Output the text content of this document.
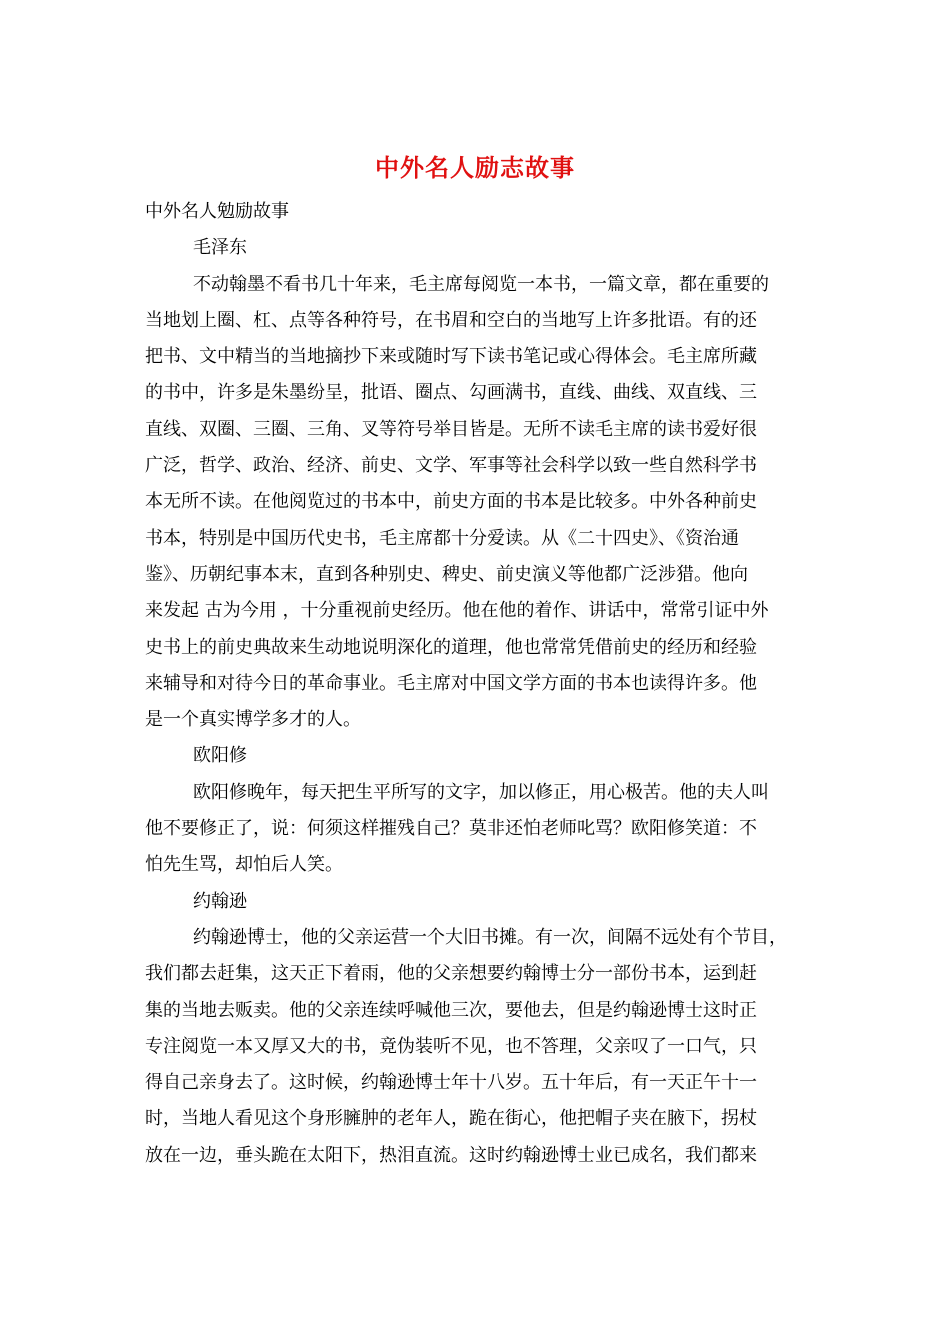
中外名人励志故事

中外名人勉励故事

毛泽东

不动翰墨不看书几十年来，毛主席每阅览一本书，一篇文章，都在重要的

当地划上圈、杠、点等各种符号，在书眉和空白的当地写上许多批语。有的还

把书、文中精当的当地摘抄下来或随时写下读书笔记或心得体会。毛主席所藏

的书中，许多是朱墨纷呈，批语、圈点、勾画满书，直线、曲线、双直线、三

直线、双圈、三圈、三角、叉等符号举目皆是。无所不读毛主席的读书爱好很

广泛，哲学、政治、经济、前史、文学、军事等社会科学以致一些自然科学书

本无所不读。在他阅览过的书本中，前史方面的书本是比较多。中外各种前史

书本，特别是中国历代史书，毛主席都十分爱读。从《二十四史》、《资治通

鉴》、历朝纪事本末，直到各种别史、稗史、前史演义等他都广泛涉猎。他向

来发起 古为今用 ，十分重视前史经历。他在他的着作、讲话中，常常引证中外

史书上的前史典故来生动地说明深化的道理，他也常常凭借前史的经历和经验

来辅导和对待今日的革命事业。毛主席对中国文学方面的书本也读得许多。他

是一个真实博学多才的人。

欧阳修

欧阳修晚年，每天把生平所写的文字，加以修正，用心极苦。他的夫人叫

他不要修正了，说：何须这样摧残自己？莫非还怕老师叱骂？欧阳修笑道：不

怕先生骂，却怕后人笑。

约翰逊

约翰逊博士，他的父亲运营一个大旧书摊。有一次，间隔不远处有个节目，

我们都去赶集，这天正下着雨，他的父亲想要约翰博士分一部份书本，运到赶

集的当地去贩卖。他的父亲连续呼喊他三次，要他去，但是约翰逊博士这时正

专注阅览一本又厚又大的书，竟伪装听不见，也不答理，父亲叹了一口气，只

得自己亲身去了。这时候，约翰逊博士年十八岁。五十年后，有一天正午十一

时，当地人看见这个身形臃肿的老年人，跪在街心，他把帽子夹在腋下，拐杖

放在一边，垂头跪在太阳下，热泪直流。这时约翰逊博士业已成名，我们都来
